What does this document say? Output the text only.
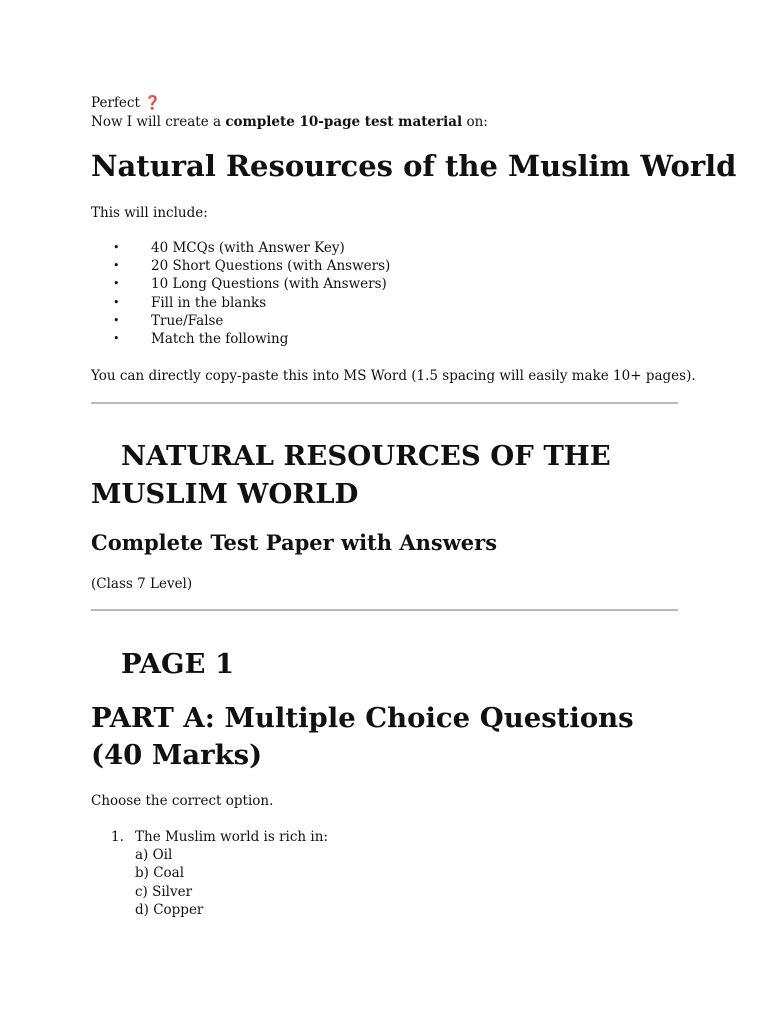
Perfect ❓
Now I will create a complete 10-page test material on:
Natural Resources of the Muslim World
This will include:
• 40 MCQs (with Answer Key)
• 20 Short Questions (with Answers)
• 10 Long Questions (with Answers)
• Fill in the blanks
• True/False
• Match the following
You can directly copy-paste this into MS Word (1.5 spacing will easily make 10+ pages).
NATURAL RESOURCES OF THE MUSLIM WORLD
Complete Test Paper with Answers
(Class 7 Level)
PAGE 1
PART A: Multiple Choice Questions (40 Marks)
Choose the correct option.
1. The Muslim world is rich in:
a) Oil
b) Coal
c) Silver
d) Copper
